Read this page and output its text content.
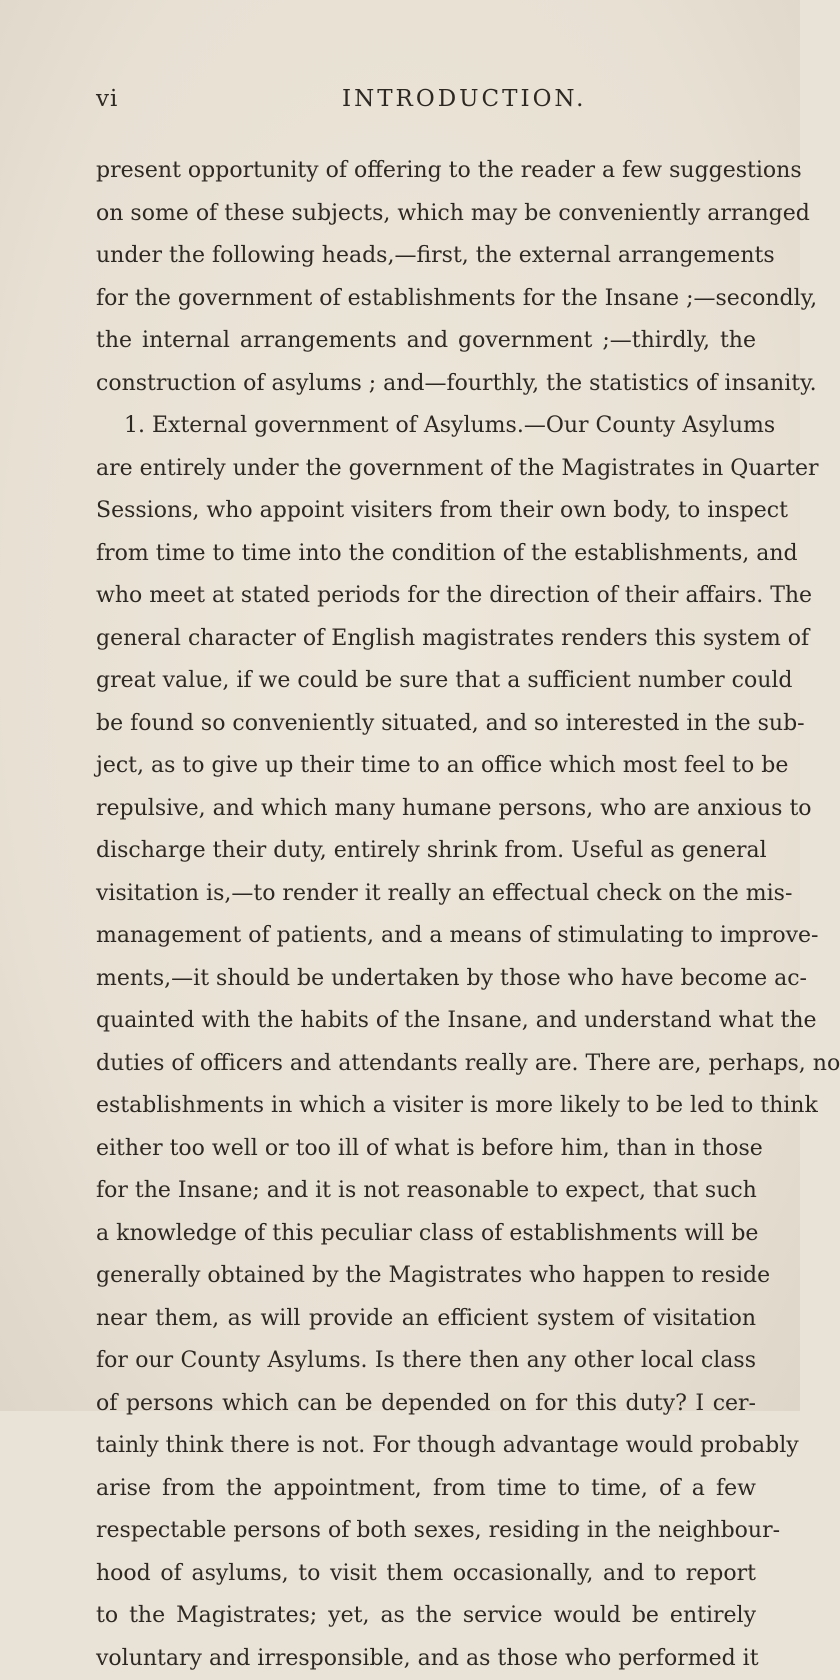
vi	INTRODUCTION.
present opportunity of offering to the reader a few suggestions
on some of these subjects, which may be conveniently arranged
under the following heads,—first, the external arrangements
for the government of establishments for the Insane ;—secondly,
the internal arrangements and government ;—thirdly, the
construction of asylums ; and—fourthly, the statistics of insanity.
1. External government of Asylums.—Our County Asylums
are entirely under the government of the Magistrates in Quarter
Sessions, who appoint visiters from their own body, to inspect
from time to time into the condition of the establishments, and
who meet at stated periods for the direction of their affairs. The
general character of English magistrates renders this system of
great value, if we could be sure that a sufficient number could
be found so conveniently situated, and so interested in the sub-
ject, as to give up their time to an office which most feel to be
repulsive, and which many humane persons, who are anxious to
discharge their duty, entirely shrink from. Useful as general
visitation is,—to render it really an effectual check on the mis-
management of patients, and a means of stimulating to improve-
ments,—it should be undertaken by those who have become ac-
quainted with the habits of the Insane, and understand what the
duties of officers and attendants really are. There are, perhaps, no
establishments in which a visiter is more likely to be led to think
either too well or too ill of what is before him, than in those
for the Insane; and it is not reasonable to expect, that such
a knowledge of this peculiar class of establishments will be
generally obtained by the Magistrates who happen to reside
near them, as will provide an efficient system of visitation
for our County Asylums. Is there then any other local class
of persons which can be depended on for this duty? I cer-
tainly think there is not. For though advantage would probably
arise from the appointment, from time to time, of a few
respectable persons of both sexes, residing in the neighbour-
hood of asylums, to visit them occasionally, and to report
to the Magistrates; yet, as the service would be entirely
voluntary and irresponsible, and as those who performed it
